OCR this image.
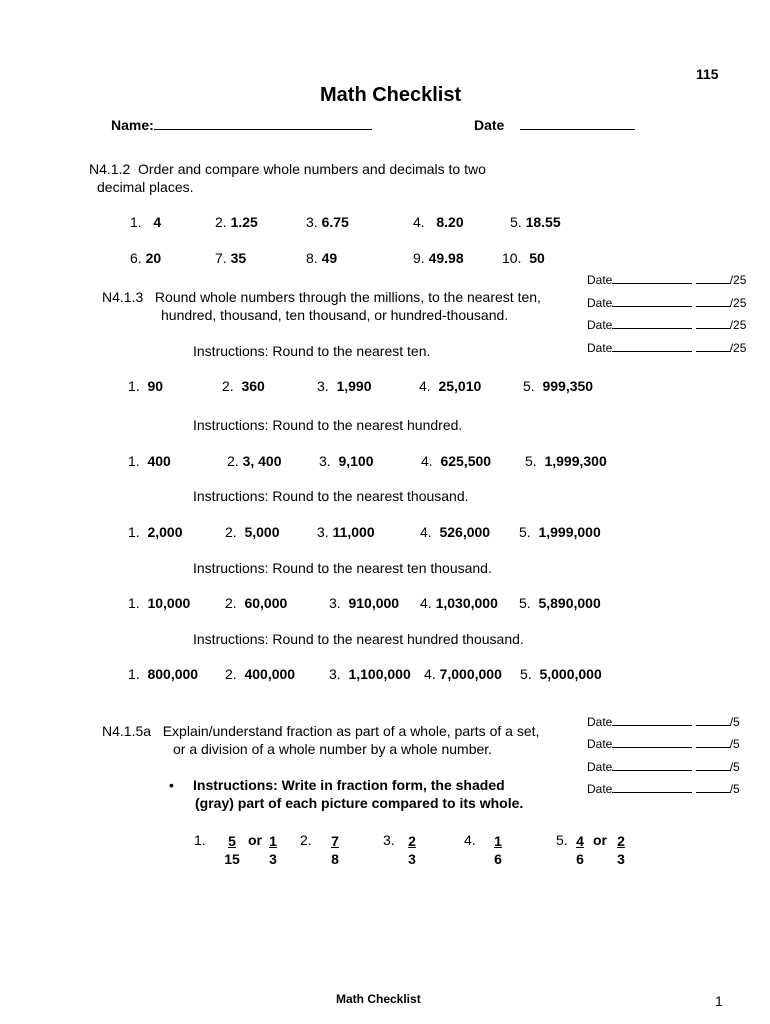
115
Math Checklist
Name:	Date
N4.1.2 Order and compare whole numbers and decimals to two
decimal places.
1. 4	2. 1.25	3. 6.75	4. 8.20	5. 18.55
6. 20	7. 35	8. 49	9. 49.98	10. 50
Date	/25
Date	/25
Date	/25
Date	/25
N4.1.3 Round whole numbers through the millions, to the nearest ten,
hundred, thousand, ten thousand, or hundred-thousand.
Instructions: Round to the nearest ten.
1. 90	2. 360	3. 1,990	4. 25,010	5. 999,350
Instructions: Round to the nearest hundred.
1. 400	2. 3, 400	3. 9,100	4. 625,500 5. 1,999,300
Instructions: Round to the nearest thousand.
1. 2,000	2. 5,000	3. 11,000	4. 526,000 5. 1,999,000
Instructions: Round to the nearest ten thousand.
1. 10,000 2. 60,000	3. 910,000 4. 1,030,000 5. 5,890,000
Instructions: Round to the nearest hundred thousand.
1. 800,000 2. 400,000 3. 1,100,000 4. 7,000,000 5. 5,000,000
Date	/5
Date	/5
Date	/5
Date	/5
N4.1.5a Explain/understand fraction as part of a whole, parts of a set,
or a division of a whole number by a whole number.
• Instructions: Write in fraction form, the shaded
(gray) part of each picture compared to its whole.
1. $\frac{5}{15}$ or $\frac{1}{3} 2$. $\frac{7}{8}$	3. $\frac{2}{3}$	4. $\frac{1}{6}$	5. $\frac{4}{6}$ or $\frac{2}{3}$
Math Checklist	1
